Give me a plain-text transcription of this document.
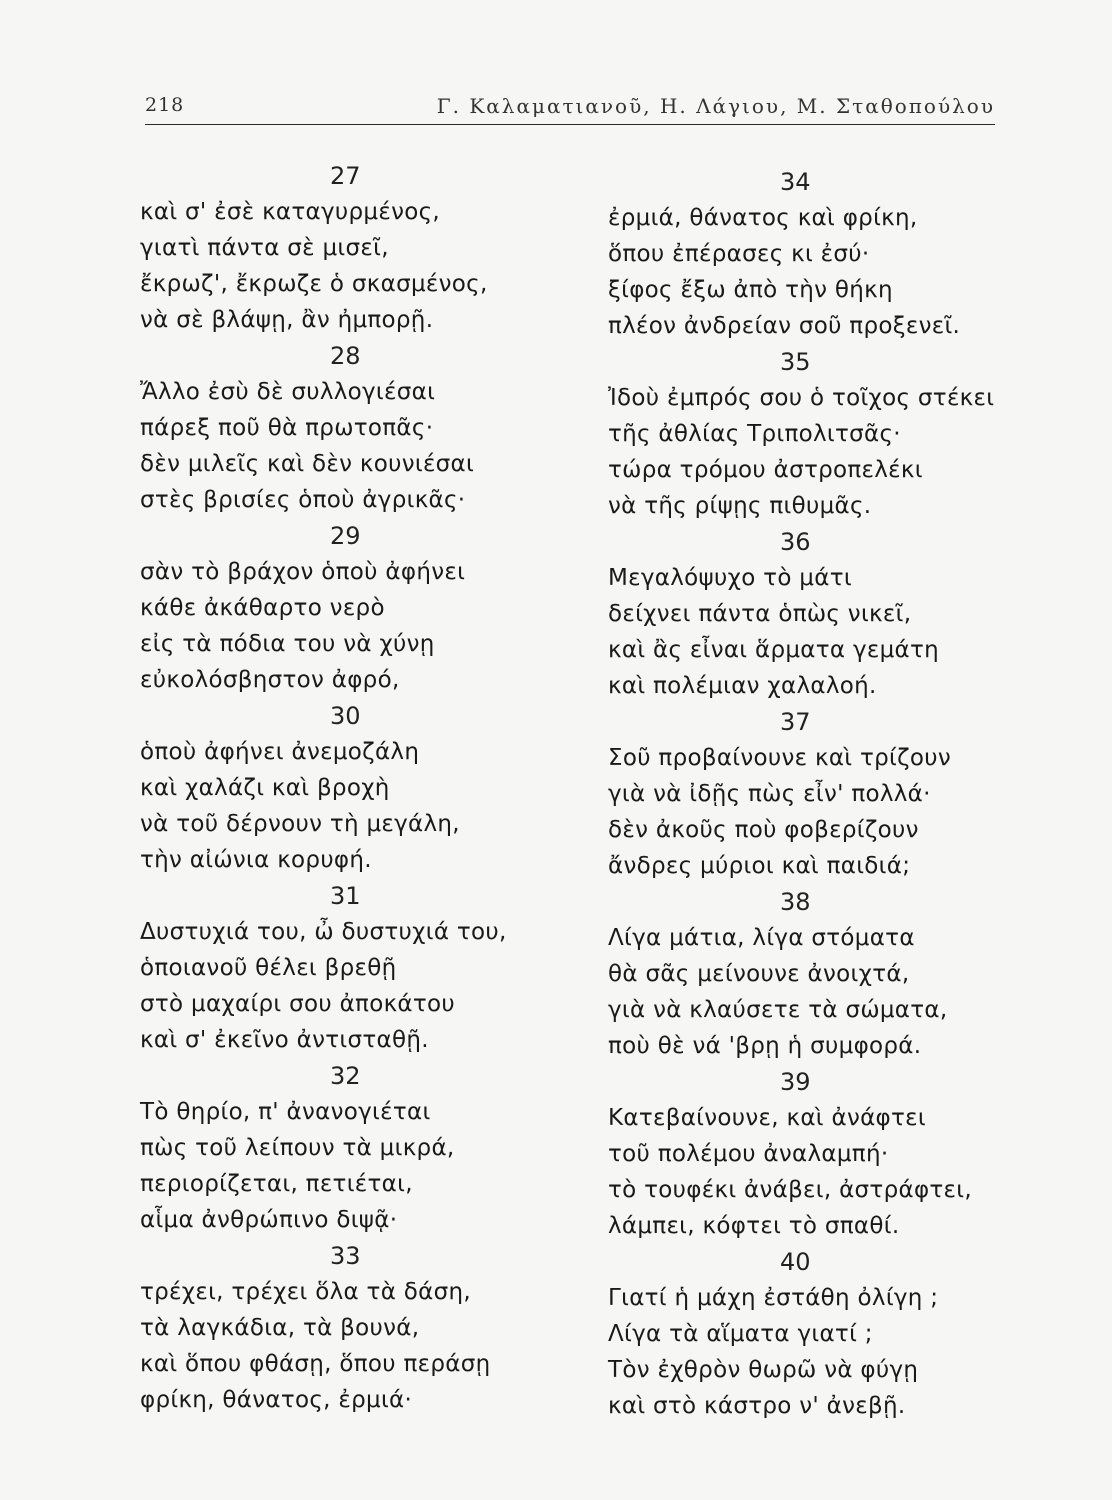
218	Γ. Καλαματιανοῦ, Η. Λάγιου, Μ. Σταθοπούλου
27
καὶ σ' ἐσὲ καταγυρμένος,
γιατὶ πάντα σὲ μισεῖ,
ἔκρωζ', ἔκρωζε ὁ σκασμένος,
νὰ σὲ βλάψῃ, ἂν ἠμπορῇ.
28
Ἄλλο ἐσὺ δὲ συλλογιέσαι
πάρεξ ποῦ θὰ πρωτοπᾶς·
δὲν μιλεῖς καὶ δὲν κουνιέσαι
στὲς βρισίες ὁποὺ ἀγρικᾶς·
29
σὰν τὸ βράχον ὁποὺ ἀφήνει
κάθε ἀκάθαρτο νερὸ
εἰς τὰ πόδια του νὰ χύνῃ
εὐκολόσβηστον ἀφρό,
30
ὁποὺ ἀφήνει ἀνεμοζάλη
καὶ χαλάζι καὶ βροχὴ
νὰ τοῦ δέρνουν τὴ μεγάλη,
τὴν αἰώνια κορυφή.
31
Δυστυχιά του, ὦ δυστυχιά του,
ὁποιανοῦ θέλει βρεθῇ
στὸ μαχαίρι σου ἀποκάτου
καὶ σ' ἐκεῖνο ἀντισταθῇ.
32
Τὸ θηρίο, π' ἀνανογιέται
πὼς τοῦ λείπουν τὰ μικρά,
περιορίζεται, πετιέται,
αἷμα ἀνθρώπινο διψᾷ·
33
τρέχει, τρέχει ὅλα τὰ δάση,
τὰ λαγκάδια, τὰ βουνά,
καὶ ὅπου φθάσῃ, ὅπου περάσῃ
φρίκη, θάνατος, ἐρμιά·
34
ἐρμιά, θάνατος καὶ φρίκη,
ὅπου ἐπέρασες κι ἐσύ·
ξίφος ἔξω ἀπὸ τὴν θήκη
πλέον ἀνδρείαν σοῦ προξενεῖ.
35
Ἰδοὺ ἐμπρός σου ὁ τοῖχος στέκει
τῆς ἀθλίας Τριπολιτσᾶς·
τώρα τρόμου ἀστροπελέκι
νὰ τῆς ρίψῃς πιθυμᾶς.
36
Μεγαλόψυχο τὸ μάτι
δείχνει πάντα ὁπὼς νικεῖ,
καὶ ἂς εἶναι ἅρματα γεμάτη
καὶ πολέμιαν χαλαλοή.
37
Σοῦ προβαίνουνε καὶ τρίζουν
γιὰ νὰ ἰδῇς πὼς εἶν' πολλά·
δὲν ἀκοῦς ποὺ φοβερίζουν
ἄνδρες μύριοι καὶ παιδιά;
38
Λίγα μάτια, λίγα στόματα
θὰ σᾶς μείνουνε ἀνοιχτά,
γιὰ νὰ κλαύσετε τὰ σώματα,
ποὺ θὲ νά 'βρῃ ἡ συμφορά.
39
Κατεβαίνουνε, καὶ ἀνάφτει
τοῦ πολέμου ἀναλαμπή·
τὸ τουφέκι ἀνάβει, ἀστράφτει,
λάμπει, κόφτει τὸ σπαθί.
40
Γιατί ἡ μάχη ἐστάθη ὀλίγη ;
Λίγα τὰ αἵματα γιατί ;
Τὸν ἐχθρὸν θωρῶ νὰ φύγῃ
καὶ στὸ κάστρο ν' ἀνεβῇ.
